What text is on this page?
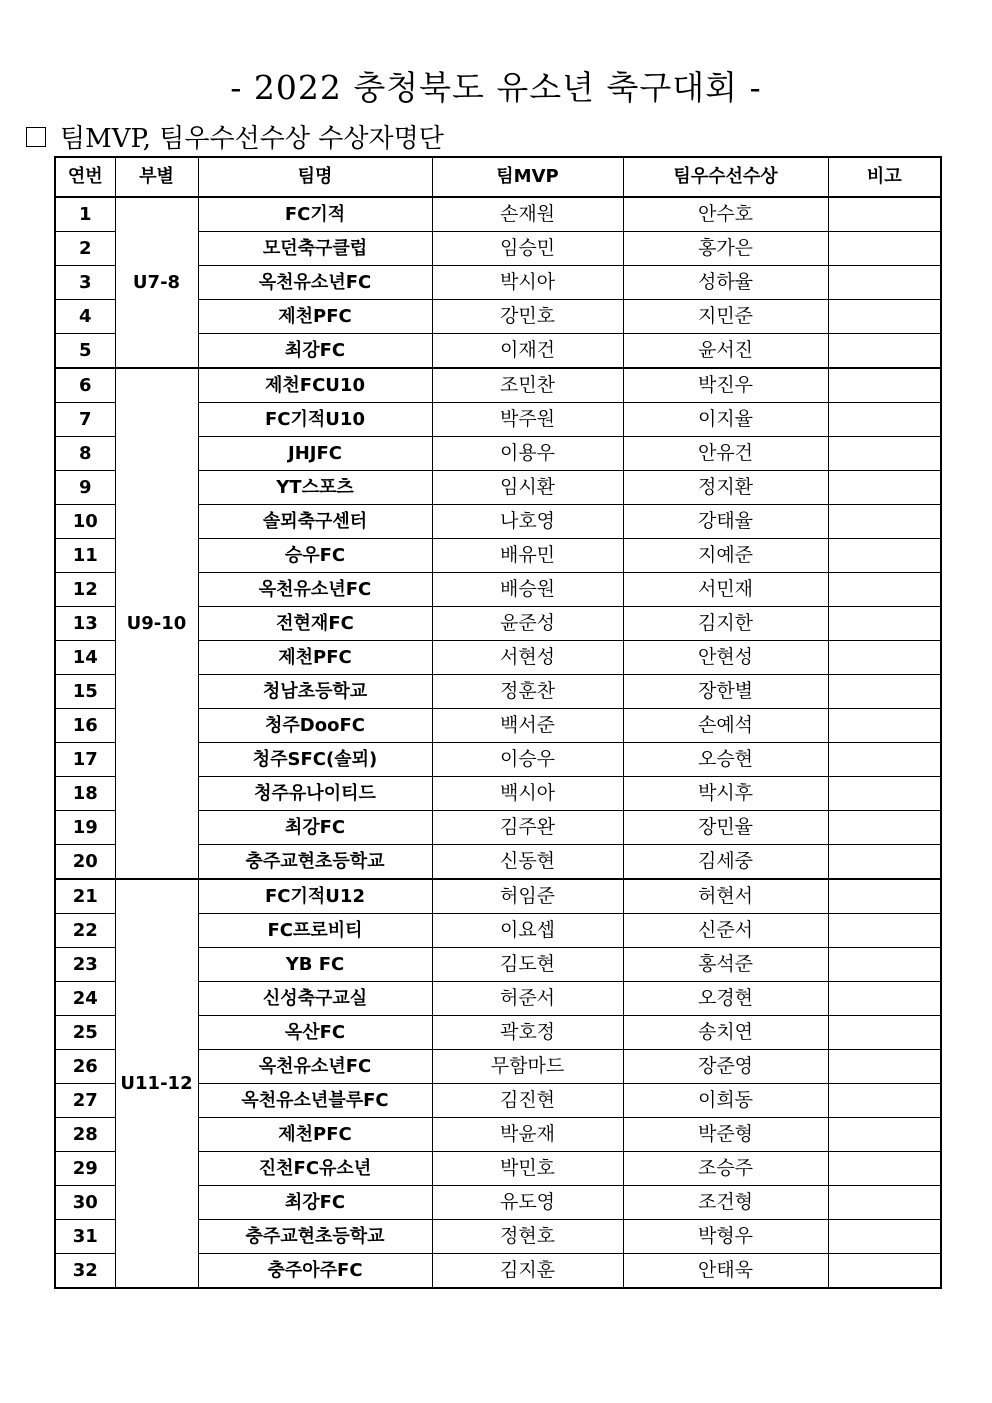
- 2022 충청북도 유소년 축구대회 -
팀MVP, 팀우수선수상 수상자명단
연번	부별	팀명	팀MVP	팀우수선수상	비고
1	U7-8	FC기적	손재원	안수호	
2		모던축구클럽	임승민	홍가은	
3		옥천유소년FC	박시아	성하율	
4		제천PFC	강민호	지민준	
5		최강FC	이재건	윤서진	
6	U9-10	제천FCU10	조민찬	박진우	
7		FC기적U10	박주원	이지율	
8		JHJFC	이용우	안유건	
9		YT스포츠	임시환	정지환	
10		솔뫼축구센터	나호영	강태율	
11		승우FC	배유민	지예준	
12		옥천유소년FC	배승원	서민재	
13		전현재FC	윤준성	김지한	
14		제천PFC	서현성	안현성	
15		청남초등학교	정훈찬	장한별	
16		청주DooFC	백서준	손예석	
17		청주SFC(솔뫼)	이승우	오승현	
18		청주유나이티드	백시아	박시후	
19		최강FC	김주완	장민율	
20		충주교현초등학교	신동현	김세중	
21	U11-12	FC기적U12	허임준	허현서	
22		FC프로비티	이요셉	신준서	
23		YB FC	김도현	홍석준	
24		신성축구교실	허준서	오경현	
25		옥산FC	곽호정	송치연	
26		옥천유소년FC	무함마드	장준영	
27		옥천유소년블루FC	김진현	이희동	
28		제천PFC	박윤재	박준형	
29		진천FC유소년	박민호	조승주	
30		최강FC	유도영	조건형	
31		충주교현초등학교	정현호	박형우	
32		충주아주FC	김지훈	안태욱	
